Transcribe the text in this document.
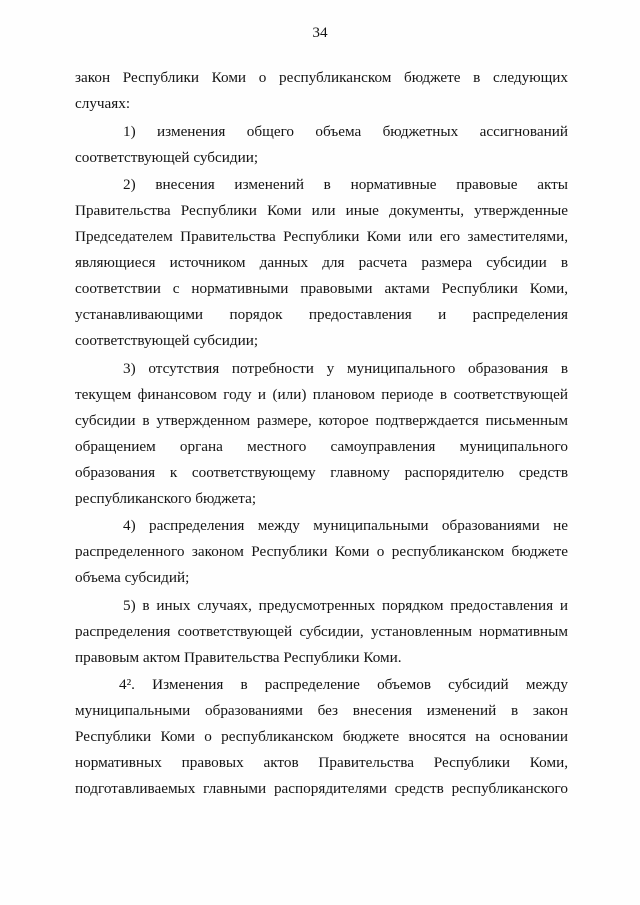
34
закон Республики Коми о республиканском бюджете в следующих
случаях:
1) изменения общего объема бюджетных ассигнований
соответствующей субсидии;
2) внесения изменений в нормативные правовые акты
Правительства Республики Коми или иные документы, утвержденные
Председателем Правительства Республики Коми или его заместителями,
являющиеся источником данных для расчета размера субсидии в
соответствии с нормативными правовыми актами Республики Коми,
устанавливающими порядок предоставления и распределения
соответствующей субсидии;
3) отсутствия потребности у муниципального образования в
текущем финансовом году и (или) плановом периоде в соответствующей
субсидии в утвержденном размере, которое подтверждается письменным
обращением органа местного самоуправления муниципального
образования к соответствующему главному распорядителю средств
республиканского бюджета;
4) распределения между муниципальными образованиями не
распределенного законом Республики Коми о республиканском бюджете
объема субсидий;
5) в иных случаях, предусмотренных порядком предоставления и
распределения соответствующей субсидии, установленным нормативным
правовым актом Правительства Республики Коми.
4². Изменения в распределение объемов субсидий между
муниципальными образованиями без внесения изменений в закон
Республики Коми о республиканском бюджете вносятся на основании
нормативных правовых актов Правительства Республики Коми,
подготавливаемых главными распорядителями средств республиканского
